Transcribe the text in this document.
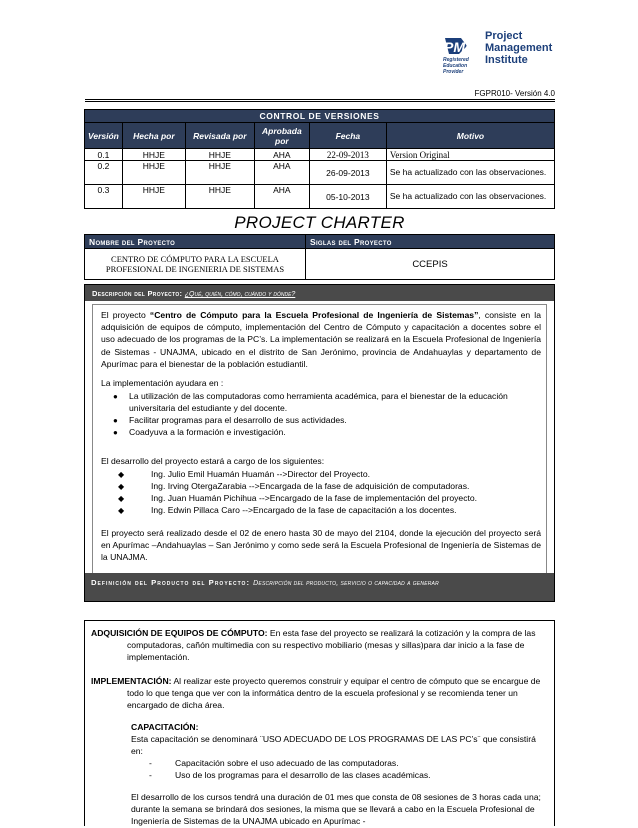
PMI
Registered
Education
Provider
Project
Management
Institute
FGPR010- Versión 4.0
CONTROL DE VERSIONES					
Versión	Hecha por	Revisada por	Aprobada por	Fecha	Motivo
0.1	HHJE	HHJE	AHA	22-09-2013	Version Original
0.2	HHJE	HHJE	AHA	26-09-2013	Se ha actualizado con las observaciones.
0.3	HHJE	HHJE	AHA	05-10-2013	Se ha actualizado con las observaciones.
PROJECT CHARTER
Nombre del Proyecto	Siglas del Proyecto
CENTRO DE CÓMPUTO PARA LA ESCUELA PROFESIONAL DE INGENIERIA DE SISTEMAS	CCEPIS
Descripción del Proyecto: ¿Qué, quién, cómo, cuándo y dónde?
El proyecto “Centro de Cómputo para la Escuela Profesional de Ingeniería de Sistemas”, consiste en la adquisición de equipos de cómputo, implementación del Centro de Cómputo y capacitación a docentes sobre el uso adecuado de los programas de la PC’s. La implementación se realizará en la Escuela Profesional de Ingeniería de Sistemas - UNAJMA, ubicado en el distrito de San Jerónimo, provincia de Andahuaylas y departamento de Apurímac para el bienestar de la población estudiantil.
La implementación ayudara en :
● La utilización de las computadoras como herramienta académica, para el bienestar de la educación universitaria del estudiante y del docente.
● Facilitar programas para el desarrollo de sus actividades.
● Coadyuva a la formación e investigación.
El desarrollo del proyecto estará a cargo de los siguientes:
◆	Ing. Julio Emil Huamán Huamán -->Director del Proyecto.
◆	Ing. Irving OtergaZarabia -->Encargada de la fase de adquisición de computadoras.
◆	Ing. Juan Huamán Pichihua -->Encargado de la fase de implementación del proyecto.
◆	Ing. Edwin Pillaca Caro -->Encargado de la fase de capacitación a los docentes.
El proyecto será realizado desde el 02 de enero hasta 30 de mayo del 2104, donde la ejecución del proyecto será en Apurímac –Andahuaylas – San Jerónimo y como sede será la Escuela Profesional de Ingeniería de Sistemas de la UNAJMA.
Definición del Producto del Proyecto: Descripción del producto, servicio o capacidad a generar
ADQUISICIÓN DE EQUIPOS DE CÓMPUTO: En esta fase del proyecto se realizará la cotización y la compra de las computadoras, cañón multimedia con su respectivo mobiliario (mesas y sillas)para dar inicio a la fase de implementación.
IMPLEMENTACIÓN: Al realizar este proyecto queremos construir y equipar el centro de cómputo que se encargue de todo lo que tenga que ver con la informática dentro de la escuela profesional y se recomienda tener un encargado de dicha área.
CAPACITACIÓN:
Esta capacitación se denominará ¨USO ADECUADO DE LOS PROGRAMAS DE LAS PC’s¨ que consistirá en:
-	Capacitación sobre el uso adecuado de las computadoras.
-	Uso de los programas para el desarrollo de las clases académicas.
El desarrollo de los cursos tendrá una duración de 01 mes que consta de 08 sesiones de 3 horas cada una; durante la semana se brindará dos sesiones, la misma que se llevará a cabo en la Escuela Profesional de Ingeniería de Sistemas de la UNAJMA ubicado en Apurímac -
